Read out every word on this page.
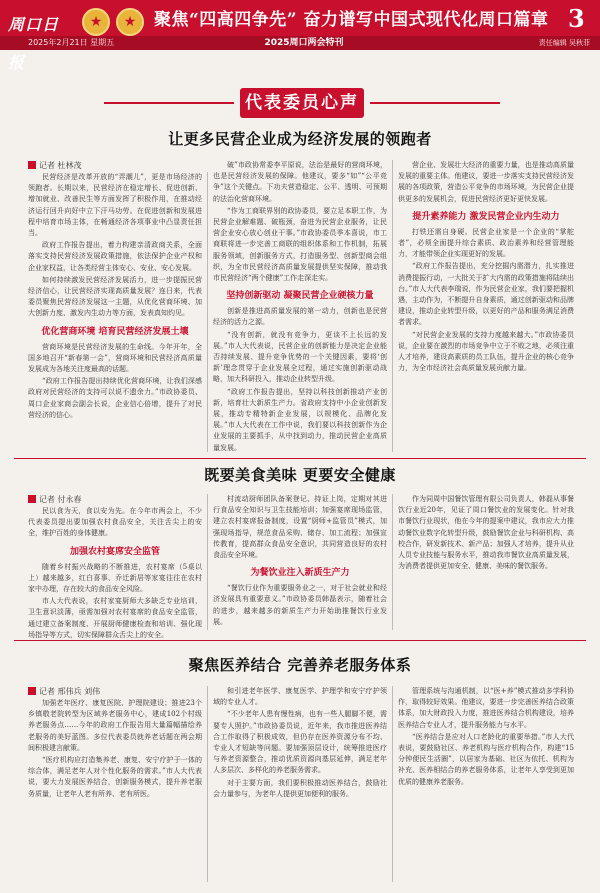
周口日报
★	★	聚焦“四高四争先” 奋力谱写中国式现代化周口篇章 3
2025年2月21日 星期五	2025周口两会特刊	责任编辑 吴秋菲
代表委员心声
让更多民营企业成为经济发展的领跑者
记者 杜林茂

民营经济是改革开放的“弄潮儿”，更是市场经济的领跑者。长期以来，民营经济在稳定增长、促进创新、增加就业、改善民生等方面发挥了积极作用，在推动经济运行回升向好中立下汗马功劳。在促进创新和发展进程中培育市场主体，在畅通经济各项事业中凸显责任担当。

政府工作报告提出，着力构建亲清政商关系，全面落实支持民营经济发展政策措施，依法保护企业产权和企业家权益，让各类经营主体安心、安业、安心发展。

如何持续激发民营经济发展活力，进一步提振民营经济信心，让民营经济实现高质量发展？连日来，代表委员聚焦民营经济发展这一主题，从优化营商环境、加大创新力度、激发内生动力等方面，发表真知灼见。

优化营商环境 培育民营经济发展土壤

营商环境是民营经济发展的生命线。今年开年，全国多地召开“新春第一会”，营商环境和民营经济高质量发展成为各地关注度最高的话题。

“政府工作报告提出持续优化营商环境，让我们深感政府对民营经济的支持可以说不遗余力。”市政协委员、周口企业家商会副会长说，企业信心倍增，提升了对民营经济的信心。

破”市政协常委李平原说，法治是最好的营商环境，也是民营经济发展的保障。他建议，要多“如”“公平竞争”这个关键点。下功夫营造稳定、公平、透明、可预期的法治化营商环境。

“作为工商联界别的政协委员，要立足本职工作，为民营企业解难题、破瓶颈，奋进为民营企业服务，让民营企业安心放心创业干事。”市政协委员季本喜说，市工商联将进一步完善工商联的组织体系和工作机制，拓展服务领域，创新服务方式，打造服务型、创新型商会组织，为全市民营经济高质量发展提供坚实保障，推动我市民营经济“两个健康”工作走深走实。

坚持创新驱动 凝聚民营企业硬核力量

创新是推进高质量发展的第一动力，创新也是民营经济的活力之源。

“没有创新，就没有竞争力，更谈不上长远的发展。”市人大代表说，民营企业的创新能力是决定企业能否持续发展、提升竞争优势的一个关键因素，要将‘创新’理念贯穿于企业发展全过程，通过实施创新驱动战略，加大科研投入，推动企业转型升级。

“政府工作报告提出，坚持以科技创新推动产业创新，培育壮大新质生产力。省政府支持中小企业创新发展，推动专精特新企业发展，以规模化、品牌化发展。”市人大代表在工作中说，我们要以科技创新作为企业发展的主要抓手，从中找到动力，推动民营企业高质量发展。

营企业、发展壮大经济的重要力量，也是推动高质量发展的重要主体。他建议，要进一步落实支持民营经济发展的各项政策，营造公平竞争的市场环境，为民营企业提供更多的发展机会，促进民营经济更好更快发展。

提升素养能力 激发民营企业内生动力

打铁还需自身硬。民营企业家是一个企业的“掌舵者”，必须全面提升综合素质、政治素养和经营管理能力，才能带领企业实现更好的发展。

“政府工作报告提出，充分挖掘内需潜力，扎实推进消费提振行动，一大批关于扩大内需的政策措施将陆续出台。”市人大代表李瑞说，作为民营企业家，我们要把握机遇，主动作为，不断提升自身素质，通过创新驱动和品牌建设，推动企业转型升级，以更好的产品和服务满足消费者需求。

“对民营企业发展的支持力度越来越大。”市政协委员说，企业要在激烈的市场竞争中立于不败之地，必须注重人才培养，建设高素质的员工队伍，提升企业的核心竞争力，为全市经济社会高质量发展贡献力量。

既要美食美味 更要安全健康
记者 付永春

民以食为天，食以安为先。在今年市两会上，不少代表委员提出要加强农村食品安全，关注舌尖上的安全，维护百姓的身体健康。

加强农村宴席安全监管

随着乡村振兴战略的不断推进，农村宴席（5桌以上）越来越多，红白喜事、乔迁新居等家宴往往在农村家中办理，存在较大的食品安全风险。

市人大代表说，农村家宴厨师大多缺乏专业培训，卫生意识淡薄，亟需加强对农村宴席的食品安全监管，通过建立备案制度、开展厨师健康检查和培训、强化现场指导等方式，切实保障群众舌尖上的安全。

村流动厨师团队备案登记、持证上岗，定期对其进行食品安全知识与卫生技能培训；加强宴席现场监管，建立农村宴席报备制度，设置“厨师+监管员”模式，加强现场指导，规范食品采购、储存、加工流程；加强宣传教育，提高群众食品安全意识，共同营造良好的农村食品安全环境。

为餐饮业注入新质生产力

“餐饮行业作为重要服务业之一，对于社会就业和经济发展具有重要意义。”市政协委员韩磊表示，随着社会的进步，越来越多的新质生产力开始助推餐饮行业发展。

作为同周中国餐饮管理有限公司负责人，韩磊从事餐饮行业近20年，见证了周口餐饮业的发展变化。针对我市餐饮行业现状，他在今年的提案中建议，我市应大力推动餐饮业数字化转型升级，鼓励餐饮企业与科研机构、高校合作，研发新技术、新产品；加强人才培养，提升从业人员专业技能与服务水平，推动我市餐饮业高质量发展，为消费者提供更加安全、健康、美味的餐饮服务。

聚焦医养结合 完善养老服务体系
记者 邢伟兵 刘伟

加强老年医疗、康复医院、护理院建设；推进23个乡镇敬老院转型为区域养老服务中心，建成102个村级养老服务点……今年的政府工作报告用大量篇幅描绘养老服务的美好蓝图。多位代表委员就养老话题在两会期间积极建言献策。

“医疗机构应打造集养老、康复、安宁疗护于一体的综合体，满足老年人对个性化服务的需求。”市人大代表说，要大力发展医养结合，创新服务模式，提升养老服务质量，让老年人老有所养、老有所医。

和引进老年医学、康复医学、护理学和安宁疗护领域的专业人才。

“不少老年人患有慢性病，也有一些人腿脚不便，需要专人照护。”市政协委员说，近年来，我市推进医养结合工作取得了积极成效，但仍存在医养资源分布不均、专业人才短缺等问题。要加强顶层设计，统筹推进医疗与养老资源整合，推动优质资源向基层延伸，满足老年人多层次、多样化的养老服务需求。

对于主要方面，我们要积极推动医养结合，鼓励社会力量参与，为老年人提供更加便利的服务。

管理系统与沟通机制，以“医+养”模式推动多学科协作，取得较好效果。他建议，要进一步完善医养结合政策体系，加大财政投入力度，推进医养结合机构建设，培养医养结合专业人才，提升服务能力与水平。

“医养结合是应对人口老龄化的重要举措。”市人大代表说，要鼓励社区、养老机构与医疗机构合作，构建“15分钟便民生活圈”，以居家为基础、社区为依托、机构为补充、医养相结合的养老服务体系，让老年人享受到更加优质的健康养老服务。
